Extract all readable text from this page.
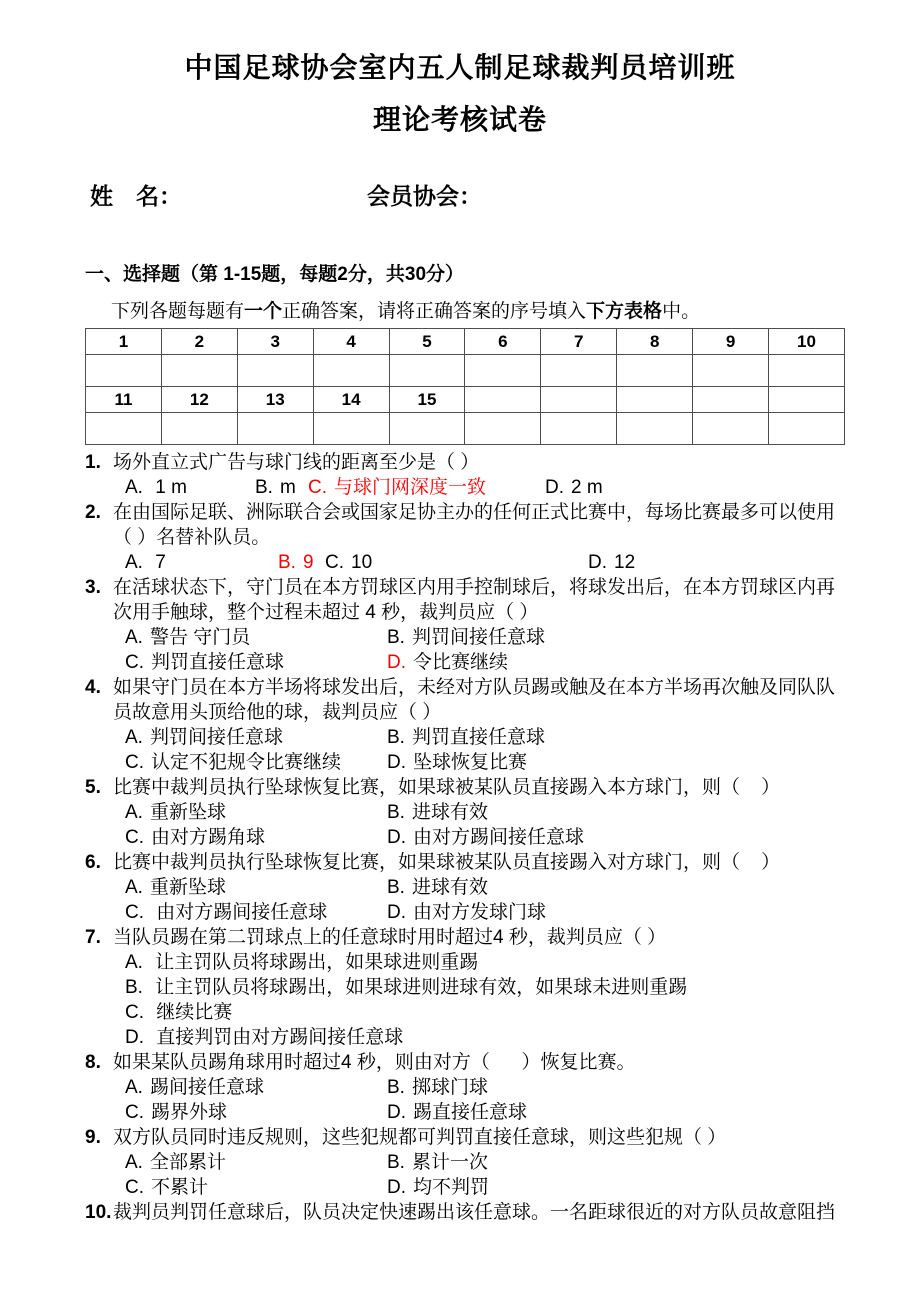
中国足球协会室内五人制足球裁判员培训班
理论考核试卷
姓　名：	会员协会：
一、选择题（第 1-15题，每题2分，共30分）
下列各题每题有一个正确答案，请将正确答案的序号填入下方表格中。
1	2	3	4	5	6	7	8	9	10

11	12	13	14	15					

1. 场外直立式广告与球门线的距离至少是（ ）
A. 1 m	B. m C. 与球门网深度一致	D. 2 m
2. 在由国际足联、洲际联合会或国家足协主办的任何正式比赛中，每场比赛最多可以使用
（ ）名替补队员。
A. 7	B. 9 C. 10	D. 12
3. 在活球状态下，守门员在本方罚球区内用手控制球后，将球发出后，在本方罚球区内再
次用手触球，整个过程未超过 4 秒，裁判员应（ ）
A. 警告 守门员	B. 判罚间接任意球
C. 判罚直接任意球	D. 令比赛继续
4. 如果守门员在本方半场将球发出后，未经对方队员踢或触及在本方半场再次触及同队队
员故意用头顶给他的球，裁判员应（ ）
A. 判罚间接任意球	B. 判罚直接任意球
C. 认定不犯规令比赛继续 D. 坠球恢复比赛
5. 比赛中裁判员执行坠球恢复比赛，如果球被某队员直接踢入本方球门，则（    ）
A. 重新坠球	B. 进球有效
C. 由对方踢角球	D. 由对方踢间接任意球
6. 比赛中裁判员执行坠球恢复比赛，如果球被某队员直接踢入对方球门，则（    ）
A. 重新坠球	B. 进球有效
C. 由对方踢间接任意球	D. 由对方发球门球
7. 当队员踢在第二罚球点上的任意球时用时超过4 秒，裁判员应（ ）
A. 让主罚队员将球踢出，如果球进则重踢
B. 让主罚队员将球踢出，如果球进则进球有效，如果球未进则重踢
C. 继续比赛
D. 直接判罚由对方踢间接任意球
8. 如果某队员踢角球用时超过4 秒，则由对方（      ）恢复比赛。
A. 踢间接任意球	B. 掷球门球
C. 踢界外球	D. 踢直接任意球
9. 双方队员同时违反规则，这些犯规都可判罚直接任意球，则这些犯规（ ）
A. 全部累计	B. 累计一次
C. 不累计	D. 均不判罚
10. 裁判员判罚任意球后，队员决定快速踢出该任意球。一名距球很近的对方队员故意阻挡
